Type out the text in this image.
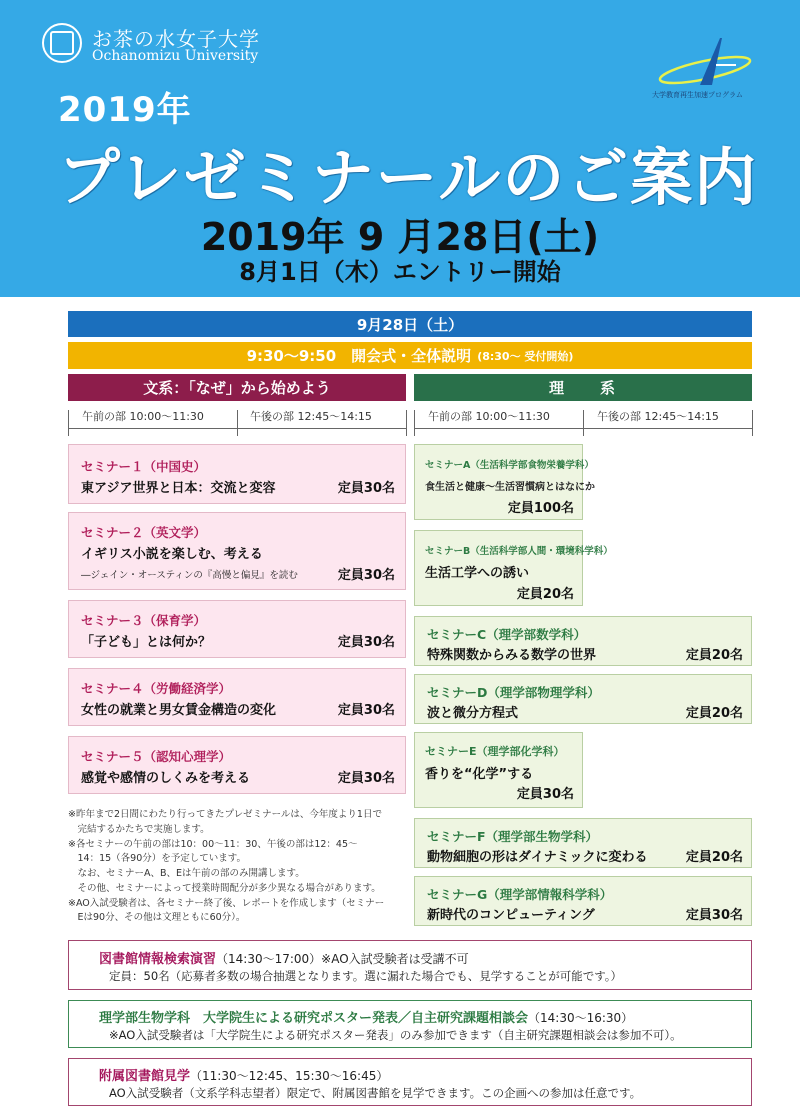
お茶の水女子大学
Ochanomizu University
大学教育再生加速プログラム
2019年
プレゼミナールのご案内
2019年 9 月28日(土)
8月1日（木）エントリー開始
9月28日（土）
9:30〜9:50　開会式・全体説明 (8:30〜 受付開始)
文系：「なぜ」から始めよう	理　　系
午前の部 10:00〜11:30	午後の部 12:45〜14:15	午前の部 10:00〜11:30	午後の部 12:45〜14:15
セミナー１（中国史）
東アジア世界と日本：交流と変容	定員30名
セミナー２（英文学）
イギリス小説を楽しむ、考える
―ジェイン・オースティンの『高慢と偏見』を読む	定員30名
セミナー３（保育学）
「子ども」とは何か？	定員30名
セミナー４（労働経済学）
女性の就業と男女賃金構造の変化	定員30名
セミナー５（認知心理学）
感覚や感情のしくみを考える	定員30名
セミナーA（生活科学部食物栄養学科）
食生活と健康〜生活習慣病とはなにか
定員100名
セミナーB（生活科学部人間・環境科学科）
生活工学への誘い
定員20名
セミナーC（理学部数学科）
特殊関数からみる数学の世界	定員20名
セミナーD（理学部物理学科）
波と微分方程式	定員20名
セミナーE（理学部化学科）
香りを“化学”する
定員30名
セミナーF（理学部生物学科）
動物細胞の形はダイナミックに変わる	定員20名
セミナーG（理学部情報科学科）
新時代のコンピューティング	定員30名

※昨年まで2日間にわたり行ってきたプレゼミナールは、今年度より1日で

　完結するかたちで実施します。

※各セミナーの午前の部は10：00〜11：30、午後の部は12：45〜

　14：15（各90分）を予定しています。

　なお、セミナーA、B、Eは午前の部のみ開講します。

　その他、セミナーによって授業時間配分が多少異なる場合があります。

※AO入試受験者は、各セミナー終了後、レポートを作成します（セミナー

　Eは90分、その他は文理ともに60分）。

図書館情報検索演習（14:30〜17:00）※AO入試受験者は受講不可
定員：50名（応募者多数の場合抽選となります。選に漏れた場合でも、見学することが可能です。）
理学部生物学科　大学院生による研究ポスター発表／自主研究課題相談会（14:30〜16:30）
※AO入試受験者は「大学院生による研究ポスター発表」のみ参加できます（自主研究課題相談会は参加不可）。
附属図書館見学（11:30〜12:45、15:30〜16:45）
AO入試受験者（文系学科志望者）限定で、附属図書館を見学できます。この企画への参加は任意です。
